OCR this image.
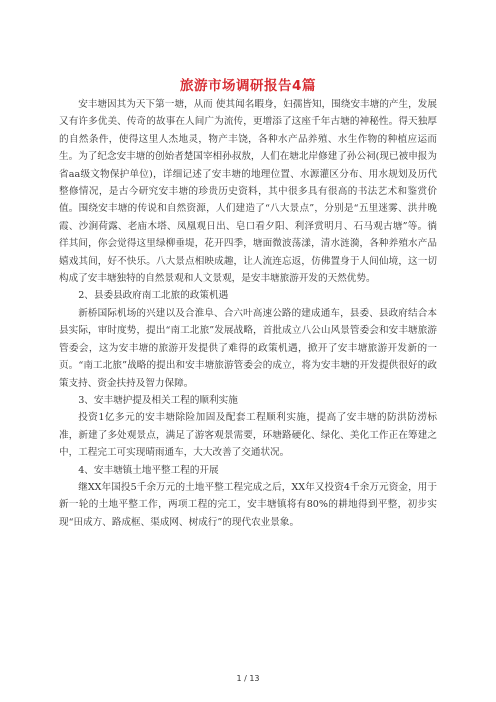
旅游市场调研报告4篇

安丰塘因其为天下第一塘，从而 使其闻名暇身，妇孺皆知，围绕安丰塘的产生，发展又有许多优美、传奇的故事在人间广为流传，更增添了这座千年古塘的神秘性。得天独厚的自然条件，使得这里人杰地灵，物产丰饶，各种水产品养殖、水生作物的种植应运而生。为了纪念安丰塘的创始者楚国宰相孙叔敖，人们在塘北岸修建了孙公祠(现已被申报为省aa级文物保护单位)，详细记述了安丰塘的地理位置、水源灌区分布、用水规划及历代整修情况，是古今研究安丰塘的珍贵历史资料，其中很多具有很高的书法艺术和鉴赏价值。围绕安丰塘的传说和自然资源，人们建造了“八大景点”，分别是“五里迷雾、洪井晚霞、沙涧荷露、老庙木塔、凤凰观日出、皂口看夕阳、利泽赏明月、石马观古塘”等。徜徉其间，你会觉得这里绿柳垂堤，花开四季，塘面微波荡漾，清水涟漪，各种养殖水产品嬉戏其间，好不快乐。八大景点相映成趣，让人流连忘返，仿佛置身于人间仙境，这一切构成了安丰塘独特的自然景观和人文景观，是安丰塘旅游开发的天然优势。

2、县委县政府南工北旅的政策机遇

新桥国际机场的兴建以及合淮阜、合六叶高速公路的建成通车，县委、县政府结合本县实际，审时度势，提出“南工北旅”发展战略，首批成立八公山风景管委会和安丰塘旅游管委会，这为安丰塘的旅游开发提供了难得的政策机遇，掀开了安丰塘旅游开发新的一页。“南工北旅”战略的提出和安丰塘旅游管委会的成立，将为安丰塘的开发提供很好的政策支持、资金扶持及智力保障。

3、安丰塘护提及相关工程的顺利实施

投资1亿多元的安丰塘除险加固及配套工程顺利实施，提高了安丰塘的防洪防涝标准，新建了多处观景点，满足了游客观景需要，环塘路硬化、绿化、美化工作正在筹建之中，工程完工可实现晴雨通车，大大改善了交通状况。

4、安丰塘镇土地平整工程的开展

继XX年国投5千余万元的土地平整工程完成之后，XX年又投资4千余万元资金，用于新一轮的土地平整工作，两项工程的完工，安丰塘镇将有80%的耕地得到平整，初步实现“田成方、路成框、渠成网、树成行”的现代农业景象。

1 / 13
